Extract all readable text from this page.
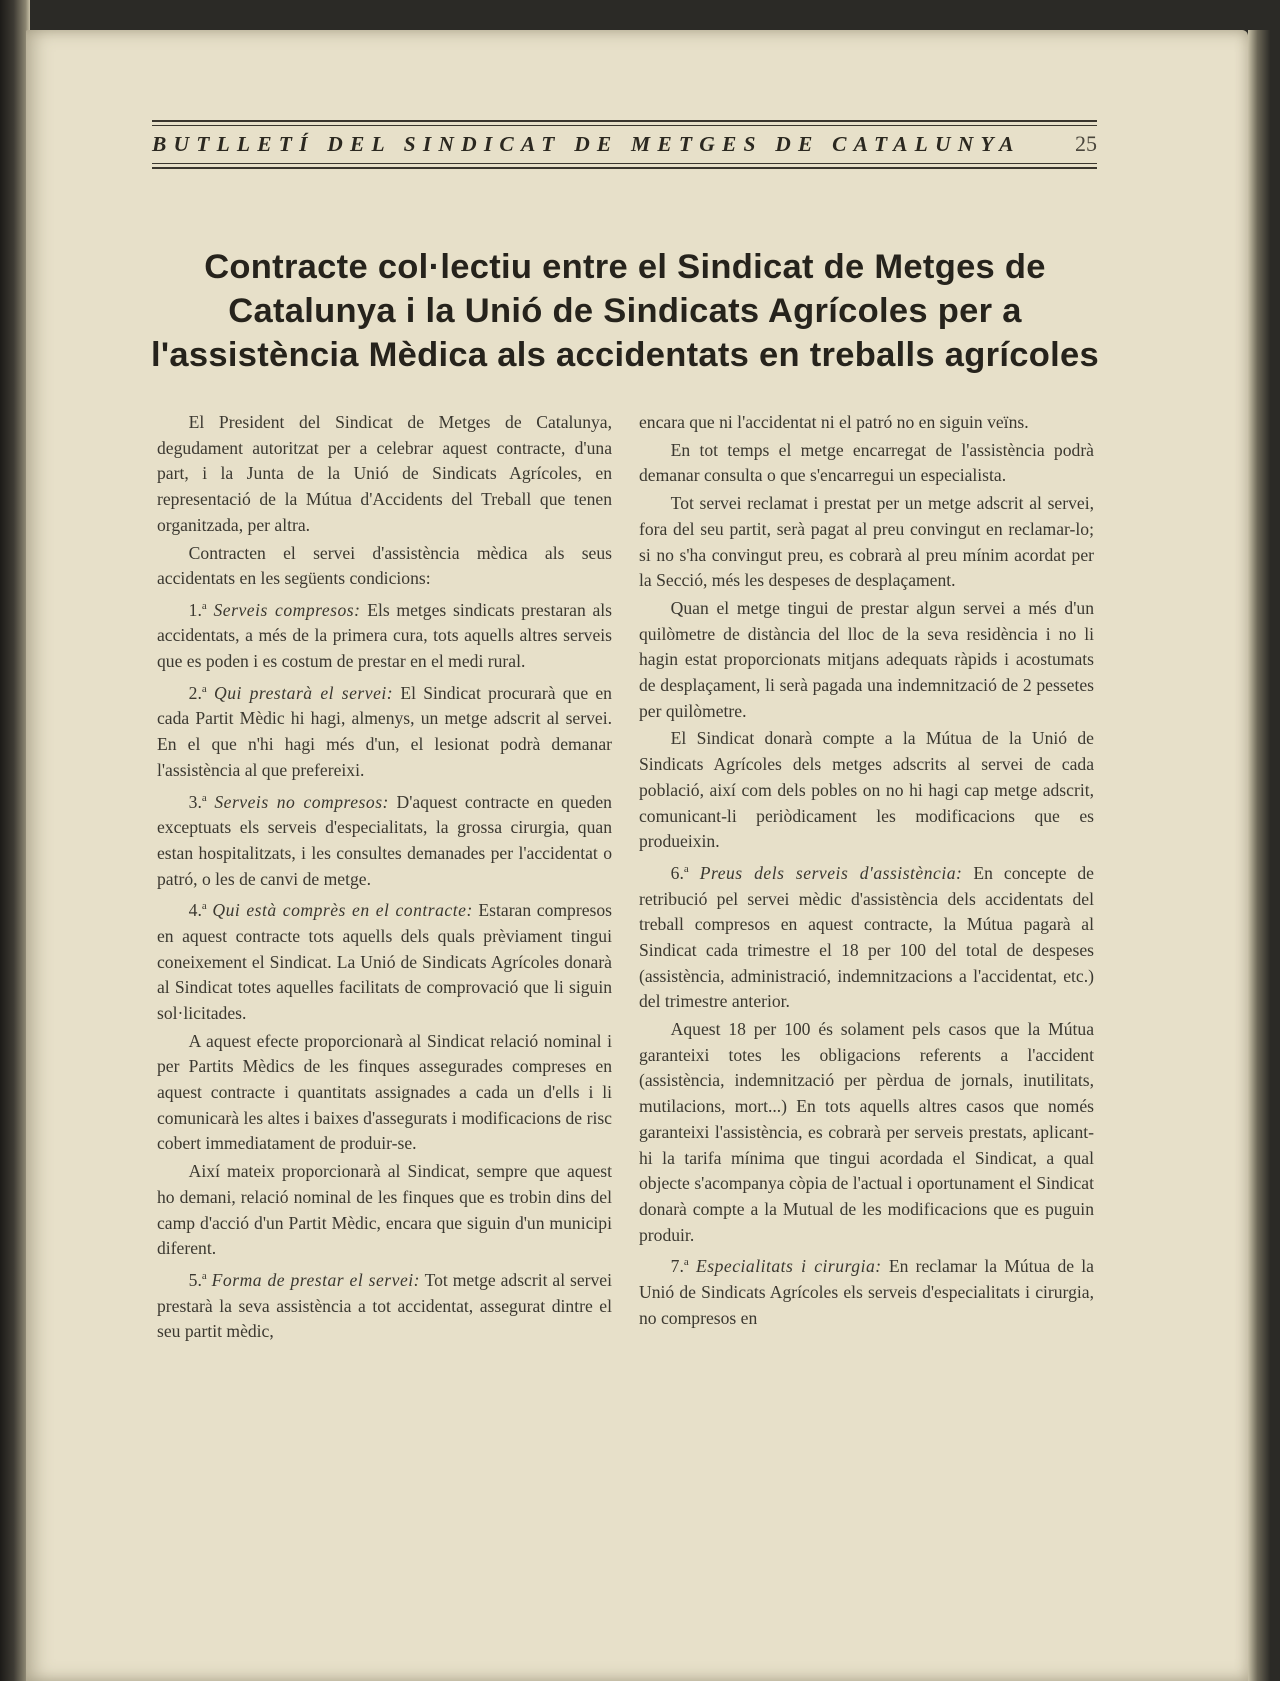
BUTLLETÍ DEL SINDICAT DE METGES DE CATALUNYA 25
Contracte col·lectiu entre el Sindicat de Metges de Catalunya i la Unió de Sindicats Agrícoles per a l'assistència Mèdica als accidentats en treballs agrícoles

El President del Sindicat de Metges de Catalunya, degudament autoritzat per a celebrar aquest contracte, d'una part, i la Junta de la Unió de Sindicats Agrícoles, en representació de la Mútua d'Accidents del Treball que tenen organitzada, per altra.

Contracten el servei d'assistència mèdica als seus accidentats en les següents condicions:

1.$^a$ Serveis compresos: Els metges sindicats prestaran als accidentats, a més de la primera cura, tots aquells altres serveis que es poden i es costum de prestar en el medi rural.

2.$^a$ Qui prestarà el servei: El Sindicat procurarà que en cada Partit Mèdic hi hagi, almenys, un metge adscrit al servei. En el que n'hi hagi més d'un, el lesionat podrà demanar l'assistència al que prefereixi.

3.$^a$ Serveis no compresos: D'aquest contracte en queden exceptuats els serveis d'especialitats, la grossa cirurgia, quan estan hospitalitzats, i les consultes demanades per l'accidentat o patró, o les de canvi de metge.

4.$^a$ Qui està comprès en el contracte: Estaran compresos en aquest contracte tots aquells dels quals prèviament tingui coneixement el Sindicat. La Unió de Sindicats Agrícoles donarà al Sindicat totes aquelles facilitats de comprovació que li siguin sol·licitades.

A aquest efecte proporcionarà al Sindicat relació nominal i per Partits Mèdics de les finques assegurades compreses en aquest contracte i quantitats assignades a cada un d'ells i li comunicarà les altes i baixes d'assegurats i modificacions de risc cobert immediatament de produir-se.

Així mateix proporcionarà al Sindicat, sempre que aquest ho demani, relació nominal de les finques que es trobin dins del camp d'acció d'un Partit Mèdic, encara que siguin d'un municipi diferent.

5.$^a$ Forma de prestar el servei: Tot metge adscrit al servei prestarà la seva assistència a tot accidentat, assegurat dintre el seu partit mèdic,

encara que ni l'accidentat ni el patró no en siguin veïns.

En tot temps el metge encarregat de l'assistència podrà demanar consulta o que s'encarregui un especialista.

Tot servei reclamat i prestat per un metge adscrit al servei, fora del seu partit, serà pagat al preu convingut en reclamar-lo; si no s'ha convingut preu, es cobrarà al preu mínim acordat per la Secció, més les despeses de desplaçament.

Quan el metge tingui de prestar algun servei a més d'un quilòmetre de distància del lloc de la seva residència i no li hagin estat proporcionats mitjans adequats ràpids i acostumats de desplaçament, li serà pagada una indemnització de 2 pessetes per quilòmetre.

El Sindicat donarà compte a la Mútua de la Unió de Sindicats Agrícoles dels metges adscrits al servei de cada població, així com dels pobles on no hi hagi cap metge adscrit, comunicant-li periòdicament les modificacions que es produeixin.

6.$^a$ Preus dels serveis d'assistència: En concepte de retribució pel servei mèdic d'assistència dels accidentats del treball compresos en aquest contracte, la Mútua pagarà al Sindicat cada trimestre el 18 per 100 del total de despeses (assistència, administració, indemnitzacions a l'accidentat, etc.) del trimestre anterior.

Aquest 18 per 100 és solament pels casos que la Mútua garanteixi totes les obligacions referents a l'accident (assistència, indemnització per pèrdua de jornals, inutilitats, mutilacions, mort...) En tots aquells altres casos que només garanteixi l'assistència, es cobrarà per serveis prestats, aplicant-hi la tarifa mínima que tingui acordada el Sindicat, a qual objecte s'acompanya còpia de l'actual i oportunament el Sindicat donarà compte a la Mutual de les modificacions que es puguin produir.

7.$^a$ Especialitats i cirurgia: En reclamar la Mútua de la Unió de Sindicats Agrícoles els serveis d'especialitats i cirurgia, no compresos en
